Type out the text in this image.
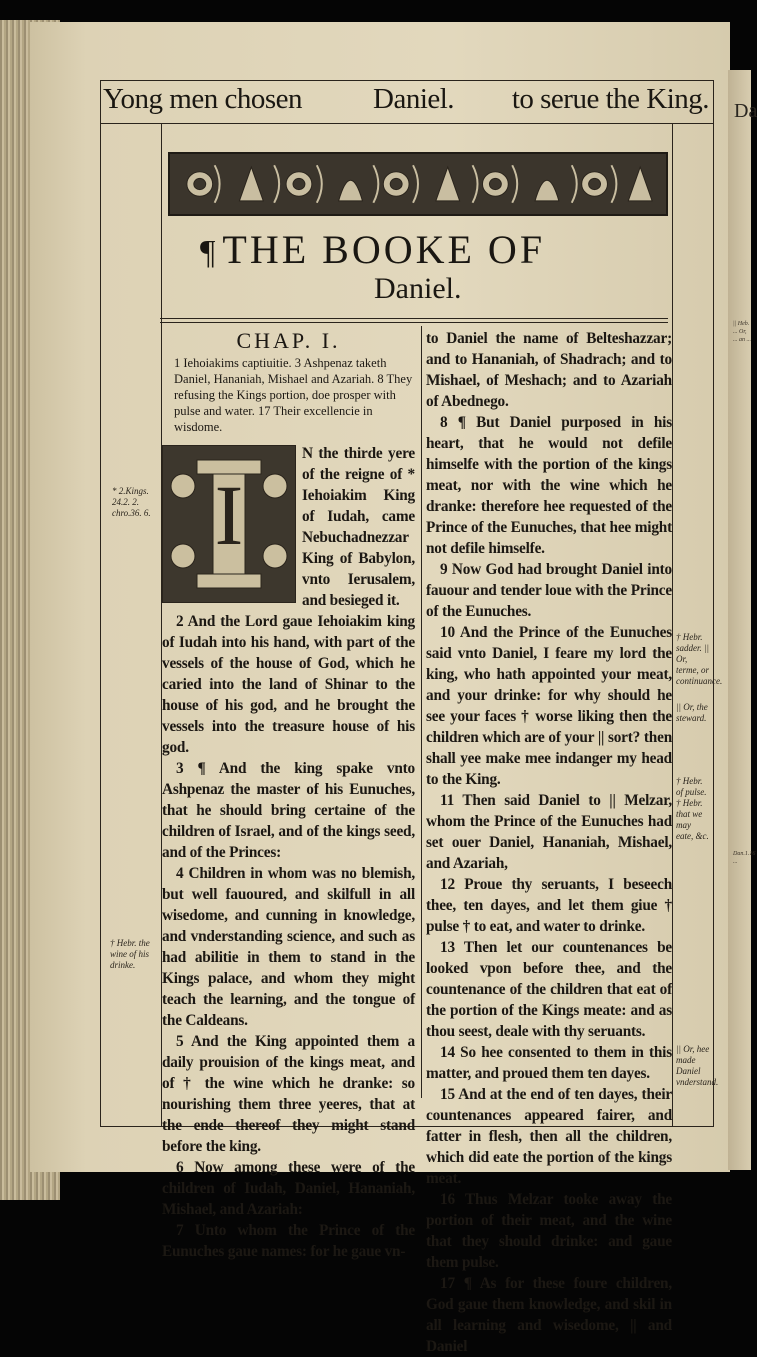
Da
|| Heb. ... Or, ... an ...
Dan.1.16 ...
Yong men chosen Daniel. to serue the King.
¶ THE BOOKE OF
Daniel.

CHAP. I.

1 Iehoiakims captiuitie. 3 Ashpenaz taketh Daniel, Hananiah, Mishael and Azariah. 8 They refusing the Kings portion, doe prosper with pulse and water. 17 Their excellencie in wisdome.

I

N the thirde yere of the reigne of * Iehoiakim King of Iudah, came Nebuchadnezzar King of Babylon, vnto Ierusalem, and besieged it.

2 And the Lord gaue Iehoiakim king of Iudah into his hand, with part of the vessels of the house of God, which he caried into the land of Shinar to the house of his god, and he brought the vessels into the treasure house of his god.

3 ¶ And the king spake vnto Ashpenaz the master of his Eunuches, that he should bring certaine of the children of Israel, and of the kings seed, and of the Princes:

4 Children in whom was no blemish, but well fauoured, and skilfull in all wisedome, and cunning in knowledge, and vnderstanding science, and such as had abilitie in them to stand in the Kings palace, and whom they might teach the learning, and the tongue of the Caldeans.

5 And the King appointed them a daily prouision of the kings meat, and of † the wine which he dranke: so nourishing them three yeeres, that at the ende thereof they might stand before the king.

6 Now among these were of the children of Iudah, Daniel, Hananiah, Mishael, and Azariah:

7 Unto whom the Prince of the Eunuches gaue names: for he gaue vn-

to Daniel the name of Belteshazzar; and to Hananiah, of Shadrach; and to Mishael, of Meshach; and to Azariah of Abednego.

8 ¶ But Daniel purposed in his heart, that he would not defile himselfe with the portion of the kings meat, nor with the wine which he dranke: therefore hee requested of the Prince of the Eunuches, that hee might not defile himselfe.

9 Now God had brought Daniel into fauour and tender loue with the Prince of the Eunuches.

10 And the Prince of the Eunuches said vnto Daniel, I feare my lord the king, who hath appointed your meat, and your drinke: for why should he see your faces † worse liking then the children which are of your || sort? then shall yee make mee indanger my head to the King.

11 Then said Daniel to || Melzar, whom the Prince of the Eunuches had set ouer Daniel, Hananiah, Mishael, and Azariah,

12 Proue thy seruants, I beseech thee, ten dayes, and let them giue † pulse † to eat, and water to drinke.

13 Then let our countenances be looked vpon before thee, and the countenance of the children that eat of the portion of the Kings meate: and as thou seest, deale with thy seruants.

14 So hee consented to them in this matter, and proued them ten dayes.

15 And at the end of ten dayes, their countenances appeared fairer, and fatter in flesh, then all the children, which did eate the portion of the kings meat.

16 Thus Melzar tooke away the portion of their meat, and the wine that they should drinke: and gaue them pulse.

17 ¶ As for these foure children, God gaue them knowledge, and skil in all learning and wisedome, || and Daniel

* 2.Kings. 24.2. 2. chro.36. 6.
† Hebr. the wine of his drinke.
† Hebr. sadder. || Or, terme, or continuance.
|| Or, the steward.
† Hebr. of pulse. † Hebr. that we may eate, &c.
|| Or, hee made Daniel vnderstand.
